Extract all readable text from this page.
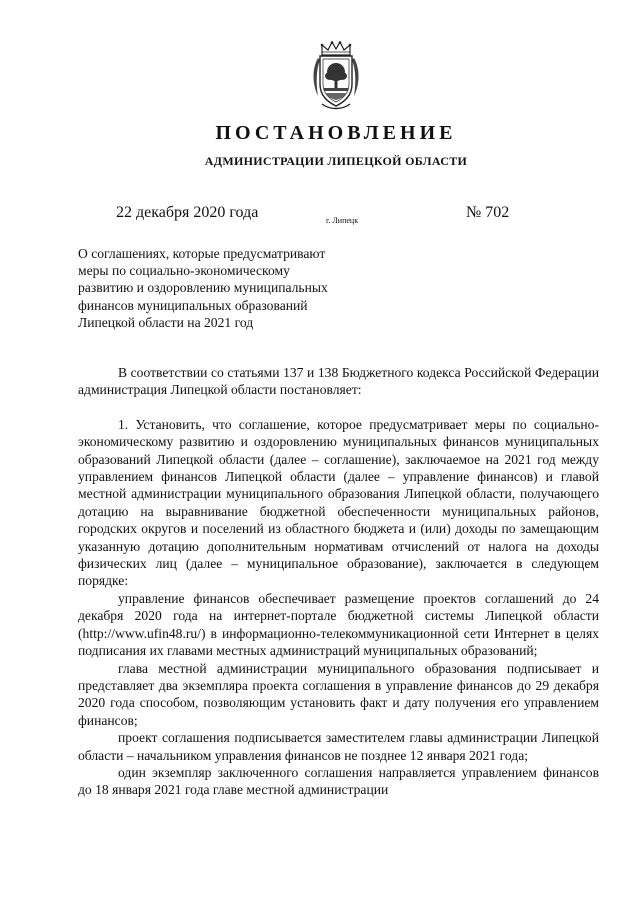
ПОСТАНОВЛЕНИЕ
АДМИНИСТРАЦИИ ЛИПЕЦКОЙ ОБЛАСТИ
22 декабря 2020 года	г. Липецк	№ 702
О соглашениях, которые предусматривают
меры по социально-экономическому
развитию и оздоровлению муниципальных
финансов муниципальных образований
Липецкой области на 2021 год

В соответствии со статьями 137 и 138 Бюджетного кодекса Российской Федерации администрация Липецкой области постановляет:

1. Установить, что соглашение, которое предусматривает меры по социально-экономическому развитию и оздоровлению муниципальных финансов муниципальных образований Липецкой области (далее – соглашение), заключаемое на 2021 год между управлением финансов Липецкой области (далее – управление финансов) и главой местной администрации муниципального образования Липецкой области, получающего дотацию на выравнивание бюджетной обеспеченности муниципальных районов, городских округов и поселений из областного бюджета и (или) доходы по замещающим указанную дотацию дополнительным нормативам отчислений от налога на доходы физических лиц (далее – муниципальное образование), заключается в следующем порядке:

управление финансов обеспечивает размещение проектов соглашений до 24 декабря 2020 года на интернет-портале бюджетной системы Липецкой области (http://www.ufin48.ru/) в информационно-телекоммуникационной сети Интернет в целях подписания их главами местных администраций муниципальных образований;

глава местной администрации муниципального образования подписывает и представляет два экземпляра проекта соглашения в управление финансов до 29 декабря 2020 года способом, позволяющим установить факт и дату получения его управлением финансов;

проект соглашения подписывается заместителем главы администрации Липецкой области – начальником управления финансов не позднее 12 января 2021 года;

один экземпляр заключенного соглашения направляется управлением финансов до 18 января 2021 года главе местной администрации
